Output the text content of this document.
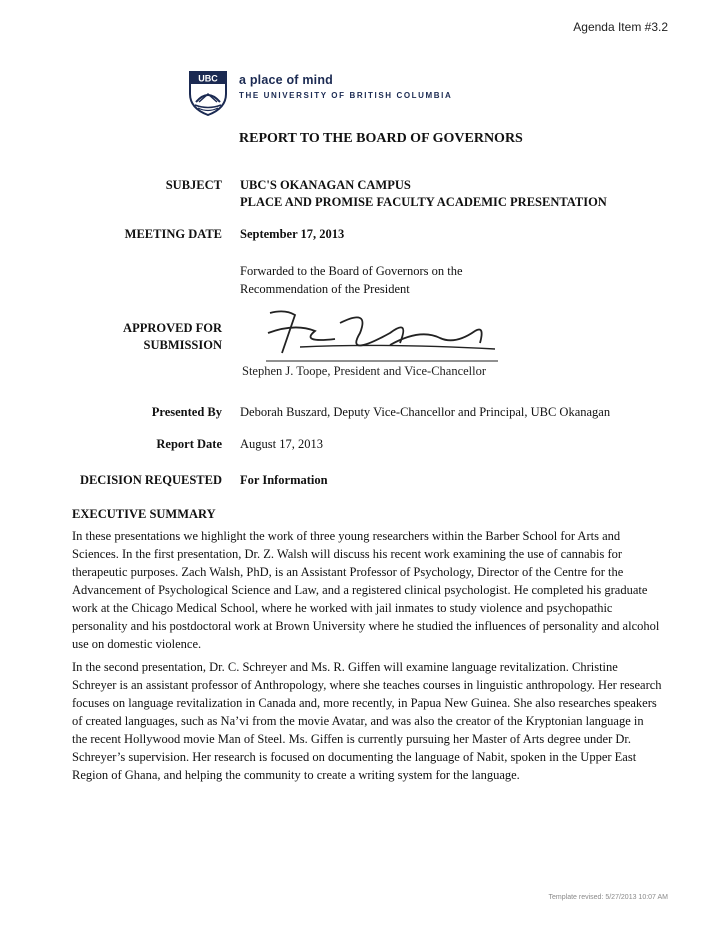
Agenda Item #3.2
UBC a place of mind
THE UNIVERSITY OF BRITISH COLUMBIA
REPORT TO THE BOARD OF GOVERNORS
SUBJECT UBC'S OKANAGAN CAMPUS
PLACE AND PROMISE FACULTY ACADEMIC PRESENTATION
MEETING DATE September 17, 2013
Forwarded to the Board of Governors on the
Recommendation of the President
APPROVED FOR
SUBMISSION
Stephen J. Toope, President and Vice-Chancellor
Presented By Deborah Buszard, Deputy Vice-Chancellor and Principal, UBC Okanagan
Report Date August 17, 2013
DECISION REQUESTED For Information
EXECUTIVE SUMMARY
In these presentations we highlight the work of three young researchers within the Barber School for Arts and Sciences. In the first presentation, Dr. Z. Walsh will discuss his recent work examining the use of cannabis for therapeutic purposes. Zach Walsh, PhD, is an Assistant Professor of Psychology, Director of the Centre for the Advancement of Psychological Science and Law, and a registered clinical psychologist. He completed his graduate work at the Chicago Medical School, where he worked with jail inmates to study violence and psychopathic personality and his postdoctoral work at Brown University where he studied the influences of personality and alcohol use on domestic violence.
In the second presentation, Dr. C. Schreyer and Ms. R. Giffen will examine language revitalization. Christine Schreyer is an assistant professor of Anthropology, where she teaches courses in linguistic anthropology. Her research focuses on language revitalization in Canada and, more recently, in Papua New Guinea. She also researches speakers of created languages, such as Na’vi from the movie Avatar, and was also the creator of the Kryptonian language in the recent Hollywood movie Man of Steel. Ms. Giffen is currently pursuing her Master of Arts degree under Dr. Schreyer’s supervision. Her research is focused on documenting the language of Nabit, spoken in the Upper East Region of Ghana, and helping the community to create a writing system for the language.
Template revised: 5/27/2013 10:07 AM
